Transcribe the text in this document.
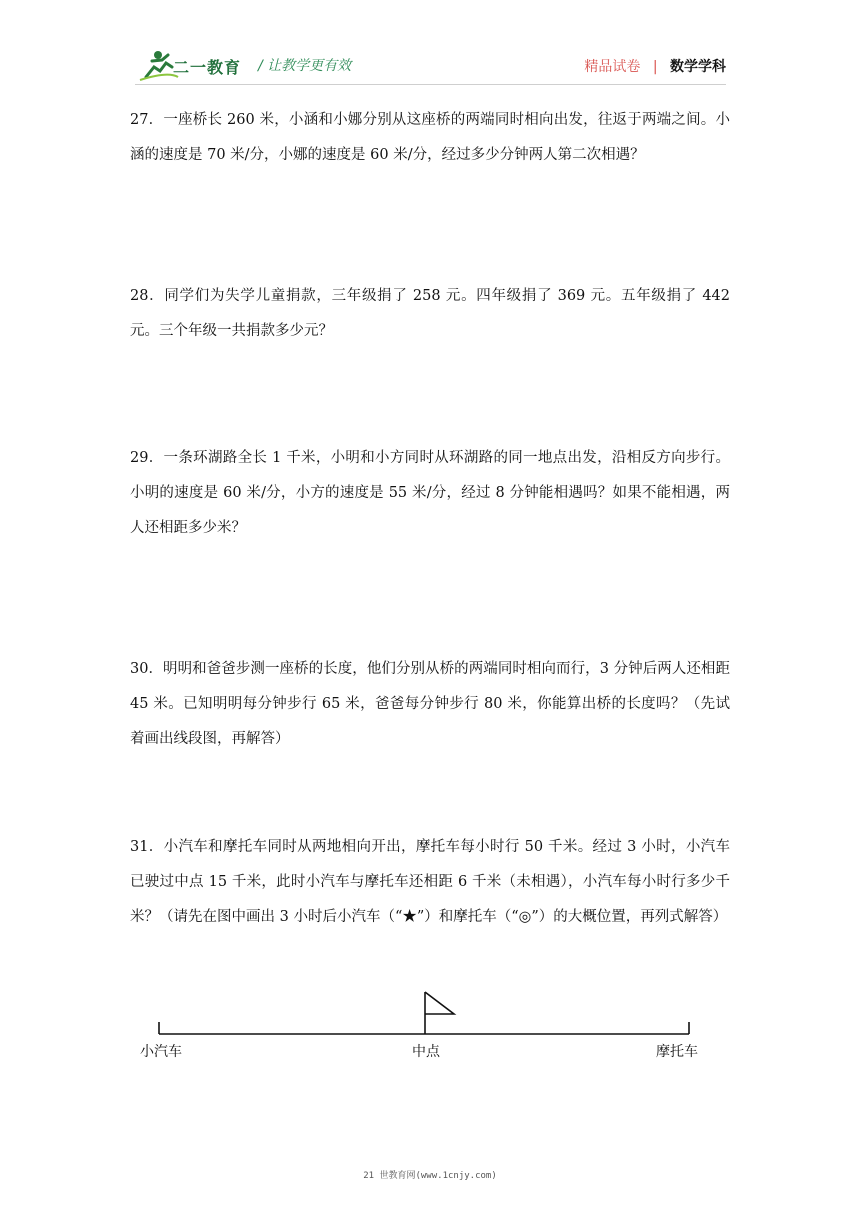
二一教育 / 让教学更有效	精品试卷 | 数学学科
27．一座桥长 260 米，小涵和小娜分别从这座桥的两端同时相向出发，往返于两端之间。小涵的速度是 70 米/分，小娜的速度是 60 米/分，经过多少分钟两人第二次相遇？
28．同学们为失学儿童捐款，三年级捐了 258 元。四年级捐了 369 元。五年级捐了 442 元。三个年级一共捐款多少元？
29．一条环湖路全长 1 千米，小明和小方同时从环湖路的同一地点出发，沿相反方向步行。小明的速度是 60 米/分，小方的速度是 55 米/分，经过 8 分钟能相遇吗？如果不能相遇，两人还相距多少米？
30．明明和爸爸步测一座桥的长度，他们分别从桥的两端同时相向而行，3 分钟后两人还相距 45 米。已知明明每分钟步行 65 米，爸爸每分钟步行 80 米，你能算出桥的长度吗？（先试着画出线段图，再解答）
31．小汽车和摩托车同时从两地相向开出，摩托车每小时行 50 千米。经过 3 小时，小汽车已驶过中点 15 千米，此时小汽车与摩托车还相距 6 千米（未相遇），小汽车每小时行多少千米？（请先在图中画出 3 小时后小汽车（“★”）和摩托车（“◎”）的大概位置，再列式解答）
小汽车	中点	摩托车
21 世教育网(www.1cnjy.com)
